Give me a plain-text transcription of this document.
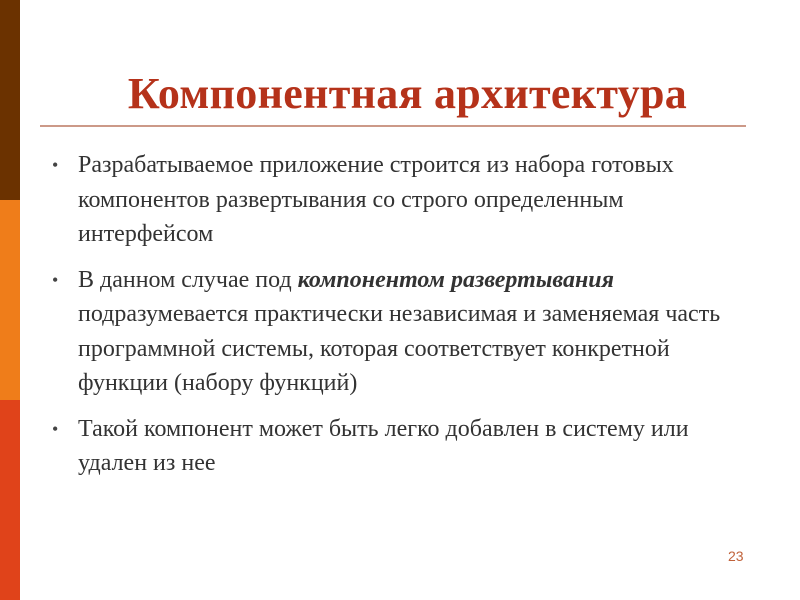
Компонентная архитектура
• Разрабатываемое приложение строится из набора готовых компонентов развертывания со строго определенным интерфейсом
• В данном случае под компонентом развертывания подразумевается практически независимая и заменяемая часть программной системы, которая соответствует конкретной функции (набору функций)
• Такой компонент может быть легко добавлен в систему или удален из нее
23
